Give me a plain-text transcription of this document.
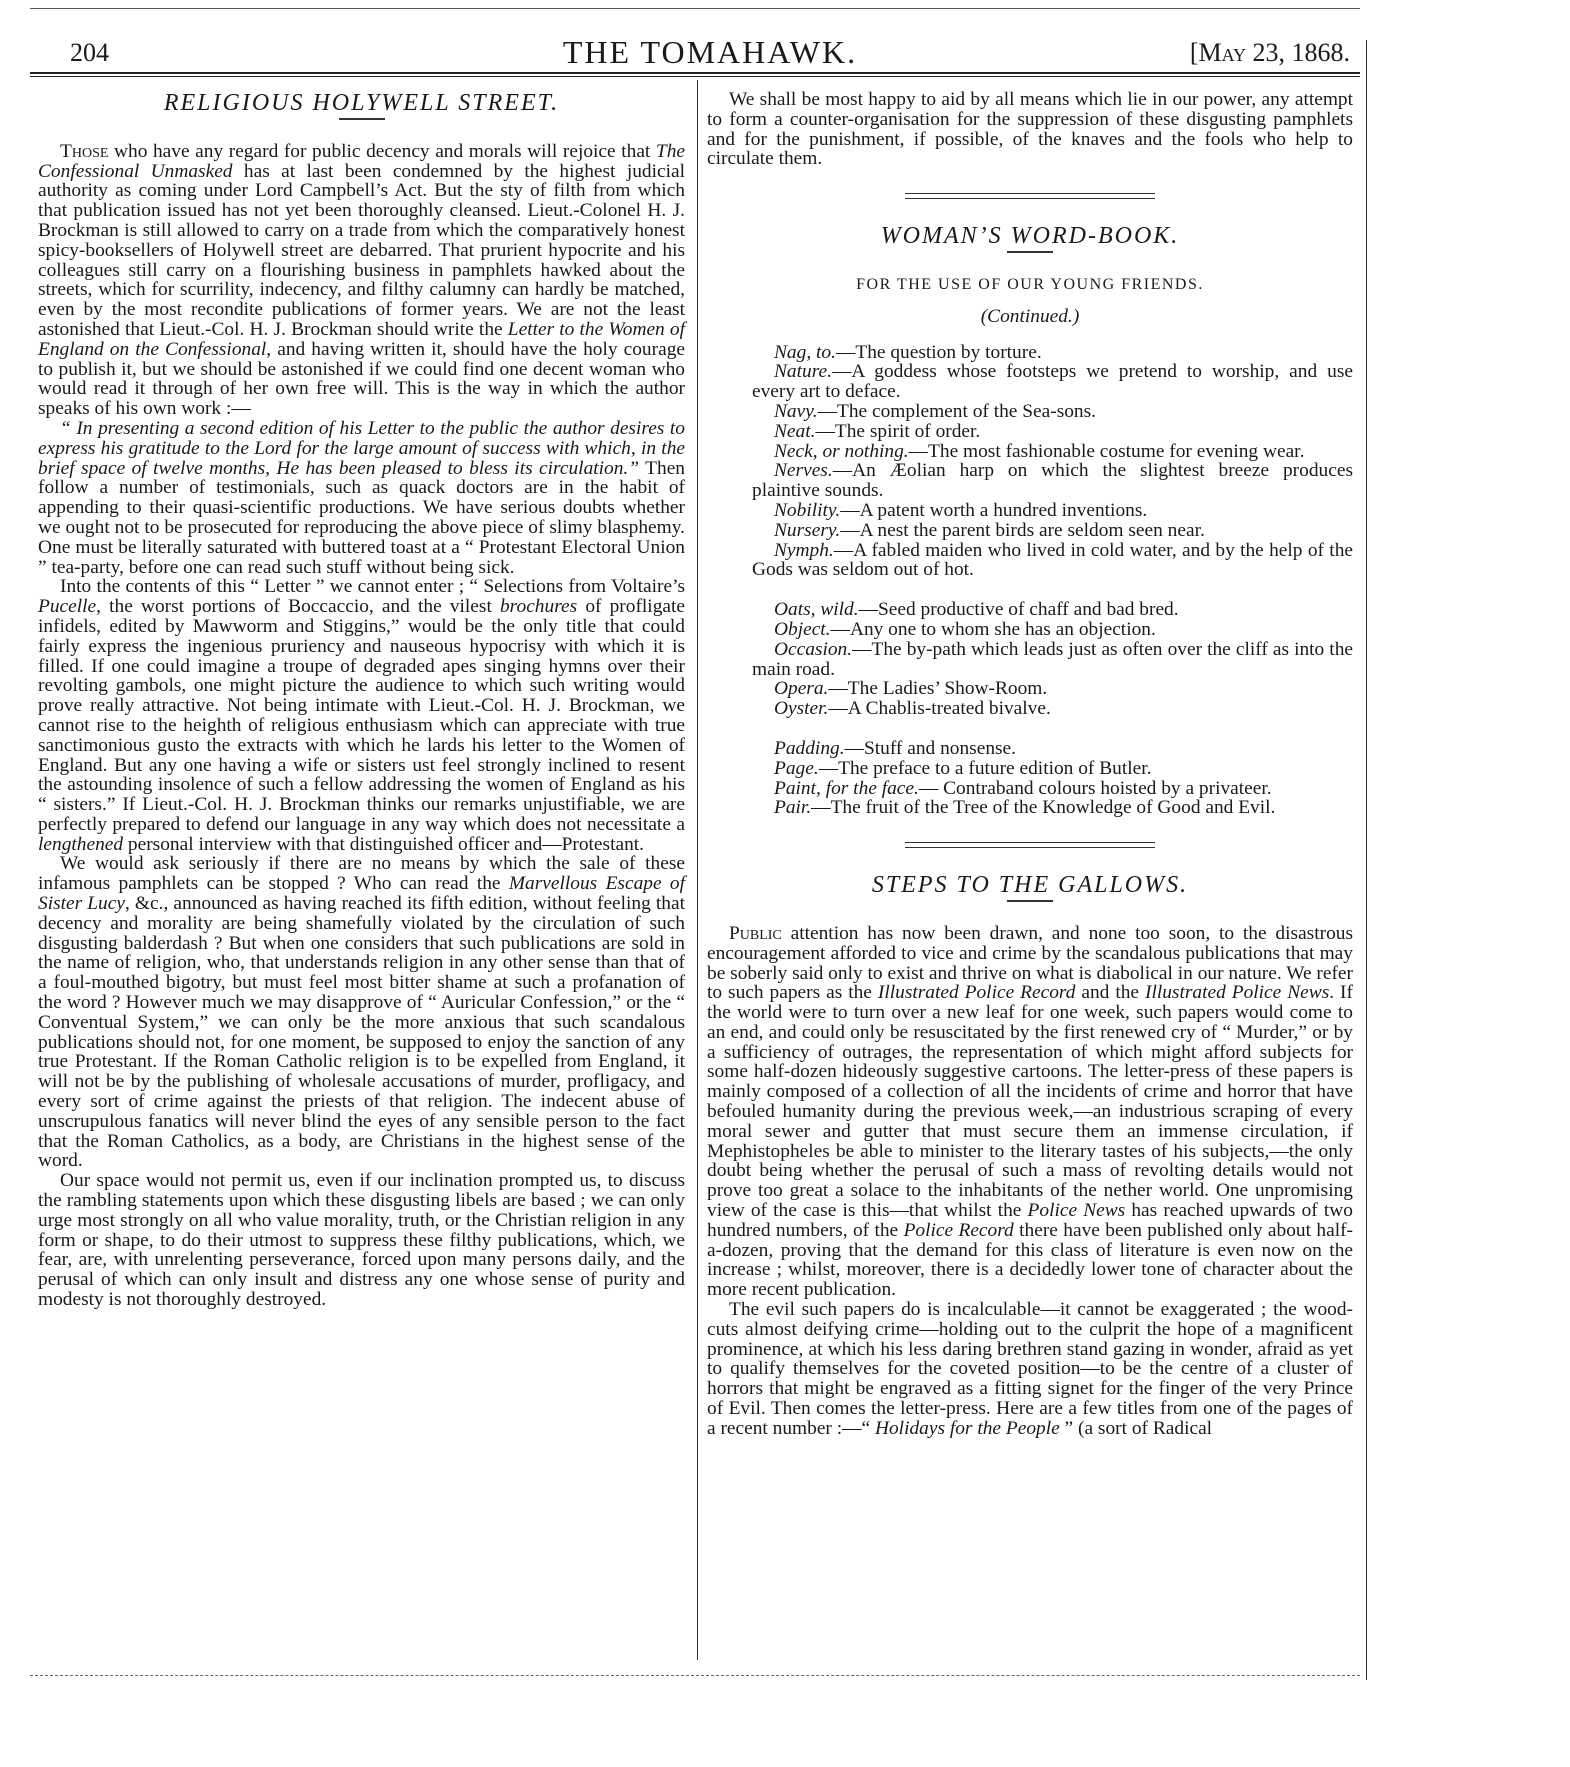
204	THE TOMAHAWK.	[May 23, 1868.
RELIGIOUS HOLYWELL STREET.

Those who have any regard for public decency and morals will rejoice that The Confessional Unmasked has at last been condemned by the highest judicial authority as coming under Lord Campbell’s Act. But the sty of filth from which that publication issued has not yet been thoroughly cleansed. Lieut.-Colonel H. J. Brockman is still allowed to carry on a trade from which the comparatively honest spicy-booksellers of Holywell street are debarred. That prurient hypocrite and his colleagues still carry on a flourishing business in pamphlets hawked about the streets, which for scurrility, indecency, and filthy calumny can hardly be matched, even by the most recondite publications of former years. We are not the least astonished that Lieut.-Col. H. J. Brockman should write the Letter to the Women of England on the Confessional, and having written it, should have the holy courage to publish it, but we should be astonished if we could find one decent woman who would read it through of her own free will. This is the way in which the author speaks of his own work :—

“ In presenting a second edition of his Letter to the public the author desires to express his gratitude to the Lord for the large amount of success with which, in the brief space of twelve months, He has been pleased to bless its circulation.” Then follow a number of testimonials, such as quack doctors are in the habit of appending to their quasi-scientific productions. We have serious doubts whether we ought not to be prosecuted for reproducing the above piece of slimy blasphemy. One must be literally saturated with buttered toast at a “ Protestant Electoral Union ” tea-party, before one can read such stuff without being sick.

Into the contents of this “ Letter ” we cannot enter ; “ Selections from Voltaire’s Pucelle, the worst portions of Boccaccio, and the vilest brochures of profligate infidels, edited by Mawworm and Stiggins,” would be the only title that could fairly express the ingenious pruriency and nauseous hypocrisy with which it is filled. If one could imagine a troupe of degraded apes singing hymns over their revolting gambols, one might picture the audience to which such writing would prove really attractive. Not being intimate with Lieut.-Col. H. J. Brockman, we cannot rise to the heighth of religious enthusiasm which can appreciate with true sanctimonious gusto the extracts with which he lards his letter to the Women of England. But any one having a wife or sisters ust feel strongly inclined to resent the astounding insolence of such a fellow addressing the women of England as his “ sisters.” If Lieut.-Col. H. J. Brockman thinks our remarks unjustifiable, we are perfectly prepared to defend our language in any way which does not necessitate a lengthened personal interview with that distinguished officer and—Protestant.

We would ask seriously if there are no means by which the sale of these infamous pamphlets can be stopped ? Who can read the Marvellous Escape of Sister Lucy, &c., announced as having reached its fifth edition, without feeling that decency and morality are being shamefully violated by the circulation of such disgusting balderdash ? But when one considers that such publications are sold in the name of religion, who, that understands religion in any other sense than that of a foul-mouthed bigotry, but must feel most bitter shame at such a profanation of the word ? However much we may disapprove of “ Auricular Confession,” or the “ Conventual System,” we can only be the more anxious that such scandalous publications should not, for one moment, be supposed to enjoy the sanction of any true Protestant. If the Roman Catholic religion is to be expelled from England, it will not be by the publishing of wholesale accusations of murder, profligacy, and every sort of crime against the priests of that religion. The indecent abuse of unscrupulous fanatics will never blind the eyes of any sensible person to the fact that the Roman Catholics, as a body, are Christians in the highest sense of the word.

Our space would not permit us, even if our inclination prompted us, to discuss the rambling statements upon which these disgusting libels are based ; we can only urge most strongly on all who value morality, truth, or the Christian religion in any form or shape, to do their utmost to suppress these filthy publications, which, we fear, are, with unrelenting perseverance, forced upon many persons daily, and the perusal of which can only insult and distress any one whose sense of purity and modesty is not thoroughly destroyed.

We shall be most happy to aid by all means which lie in our power, any attempt to form a counter-organisation for the suppression of these disgusting pamphlets and for the punishment, if possible, of the knaves and the fools who help to circulate them.

WOMAN’S WORD-BOOK.
FOR THE USE OF OUR YOUNG FRIENDS.
(Continued.)

Nag, to.—The question by torture.

Nature.—A goddess whose footsteps we pretend to worship, and use every art to deface.

Navy.—The complement of the Sea-sons.

Neat.—The spirit of order.

Neck, or nothing.—The most fashionable costume for evening wear.

Nerves.—An Æolian harp on which the slightest breeze produces plaintive sounds.

Nobility.—A patent worth a hundred inventions.

Nursery.—A nest the parent birds are seldom seen near.

Nymph.—A fabled maiden who lived in cold water, and by the help of the Gods was seldom out of hot.

Oats, wild.—Seed productive of chaff and bad bred.

Object.—Any one to whom she has an objection.

Occasion.—The by-path which leads just as often over the cliff as into the main road.

Opera.—The Ladies’ Show-Room.

Oyster.—A Chablis-treated bivalve.

Padding.—Stuff and nonsense.

Page.—The preface to a future edition of Butler.

Paint, for the face.— Contraband colours hoisted by a privateer.

Pair.—The fruit of the Tree of the Knowledge of Good and Evil.

STEPS TO THE GALLOWS.

Public attention has now been drawn, and none too soon, to the disastrous encouragement afforded to vice and crime by the scandalous publications that may be soberly said only to exist and thrive on what is diabolical in our nature. We refer to such papers as the Illustrated Police Record and the Illustrated Police News. If the world were to turn over a new leaf for one week, such papers would come to an end, and could only be resuscitated by the first renewed cry of “ Murder,” or by a sufficiency of outrages, the representation of which might afford subjects for some half-dozen hideously suggestive cartoons. The letter-press of these papers is mainly composed of a collection of all the incidents of crime and horror that have befouled humanity during the previous week,—an industrious scraping of every moral sewer and gutter that must secure them an immense circulation, if Mephistopheles be able to minister to the literary tastes of his subjects,—the only doubt being whether the perusal of such a mass of revolting details would not prove too great a solace to the inhabitants of the nether world. One unpromising view of the case is this—that whilst the Police News has reached upwards of two hundred numbers, of the Police Record there have been published only about half-a-dozen, proving that the demand for this class of literature is even now on the increase ; whilst, moreover, there is a decidedly lower tone of character about the more recent publication.

The evil such papers do is incalculable—it cannot be exaggerated ; the wood-cuts almost deifying crime—holding out to the culprit the hope of a magnificent prominence, at which his less daring brethren stand gazing in wonder, afraid as yet to qualify themselves for the coveted position—to be the centre of a cluster of horrors that might be engraved as a fitting signet for the finger of the very Prince of Evil. Then comes the letter-press. Here are a few titles from one of the pages of a recent number :—“ Holidays for the People ” (a sort of Radical
